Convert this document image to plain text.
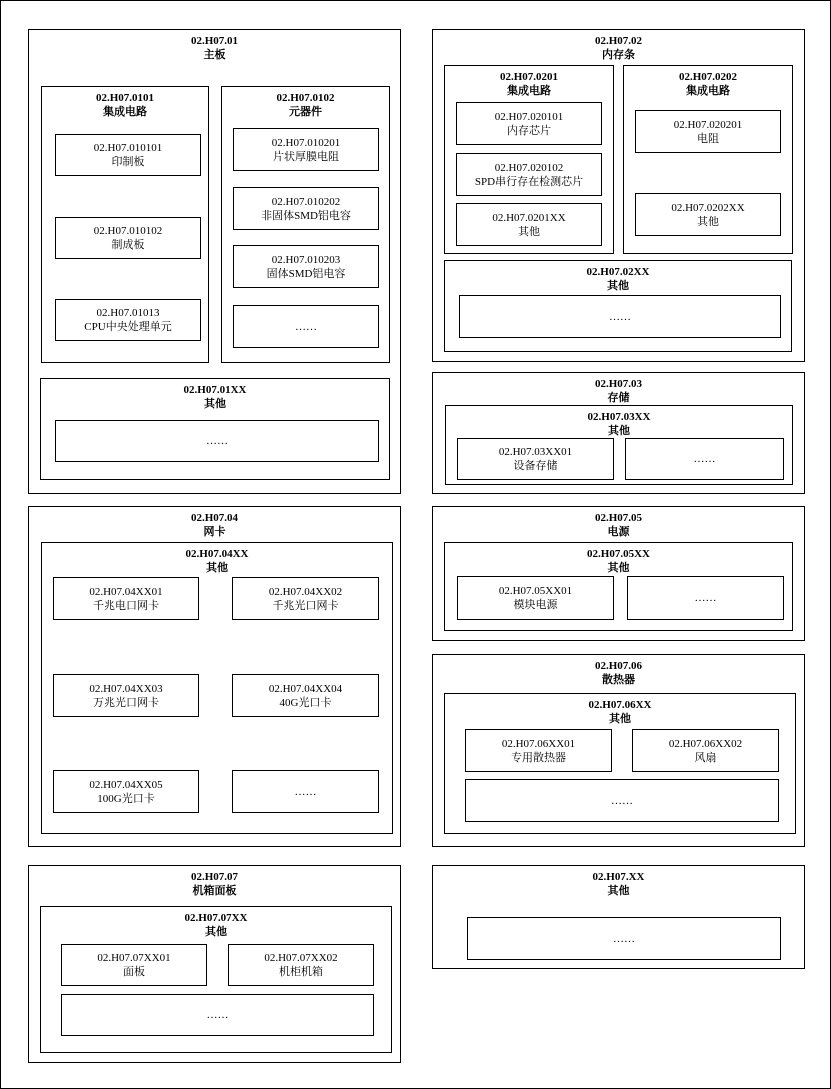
02.H07.01
主板
02.H07.0101
集成电路
02.H07.010101
印制板
02.H07.010102
制成板
02.H07.01013
CPU中央处理单元
02.H07.0102
元器件
02.H07.010201
片状厚膜电阻
02.H07.010202
非固体SMD铝电容
02.H07.010203
固体SMD铝电容
……
02.H07.01XX
其他
……
02.H07.02
内存条
02.H07.0201
集成电路
02.H07.020101
内存芯片
02.H07.020102
SPD串行存在检测芯片
02.H07.0201XX
其他
02.H07.0202
集成电路
02.H07.020201
电阻
02.H07.0202XX
其他
02.H07.02XX
其他
……
02.H07.03
存储
02.H07.03XX
其他
02.H07.03XX01
设备存储
……
02.H07.04
网卡
02.H07.04XX
其他
02.H07.04XX01
千兆电口网卡
02.H07.04XX02
千兆光口网卡
02.H07.04XX03
万兆光口网卡
02.H07.04XX04
40G光口卡
02.H07.04XX05
100G光口卡
……
02.H07.05
电源
02.H07.05XX
其他
02.H07.05XX01
模块电源
……
02.H07.06
散热器
02.H07.06XX
其他
02.H07.06XX01
专用散热器
02.H07.06XX02
风扇
……
02.H07.07
机箱面板
02.H07.07XX
其他
02.H07.07XX01
面板
02.H07.07XX02
机柜机箱
……
02.H07.XX
其他
……
